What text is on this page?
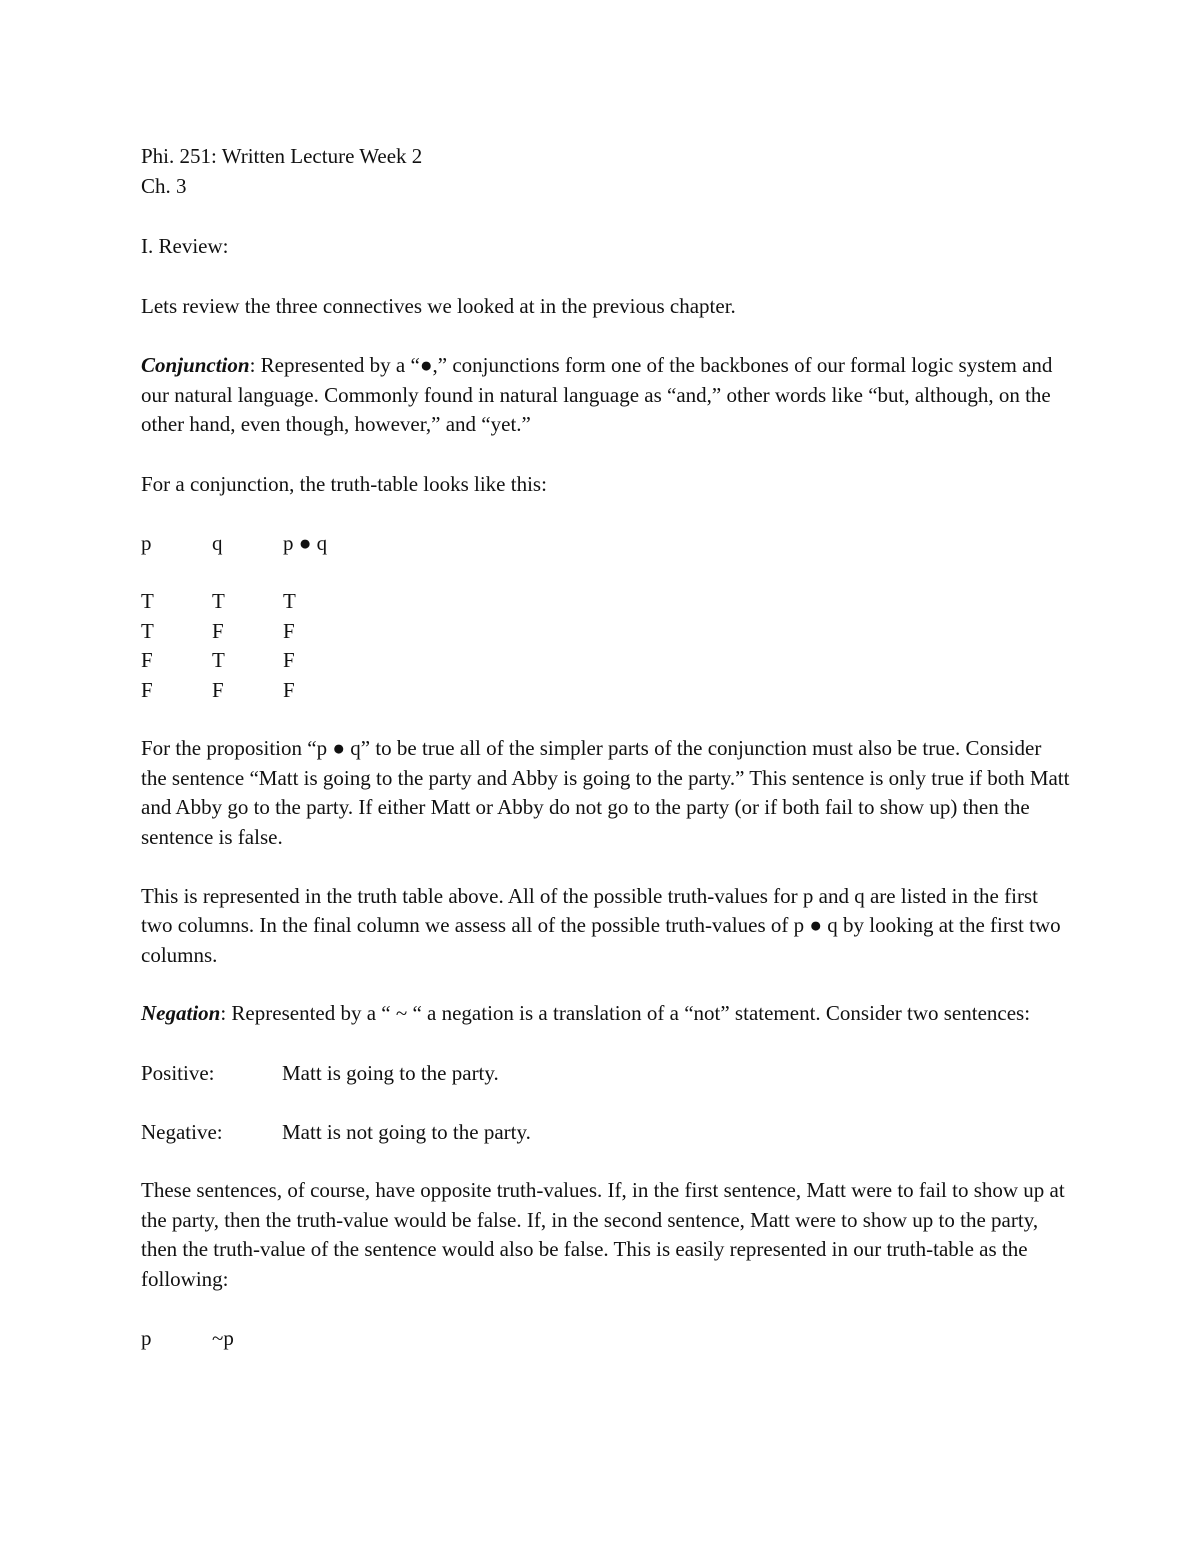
Phi. 251: Written Lecture Week 2
Ch. 3
I. Review:
Lets review the three connectives we looked at in the previous chapter.

Conjunction: Represented by a “●,” conjunctions form one of the backbones of our formal logic system and our natural language. Commonly found in natural language as “and,” other words like “but, although, on the other hand, even though, however,” and “yet.”

For a conjunction, the truth-table looks like this:
p	q	p ● q
T	T	T
T	F	F
F	T	F
F	F	F

For the proposition “p ● q” to be true all of the simpler parts of the conjunction must also be true. Consider the sentence “Matt is going to the party and Abby is going to the party.” This sentence is only true if both Matt and Abby go to the party. If either Matt or Abby do not go to the party (or if both fail to show up) then the sentence is false.

This is represented in the truth table above. All of the possible truth-values for p and q are listed in the first two columns. In the final column we assess all of the possible truth-values of p ● q by looking at the first two columns.

Negation: Represented by a “ ~ “ a negation is a translation of a “not” statement. Consider two sentences:

Positive:	Matt is going to the party.
Negative:	Matt is not going to the party.

These sentences, of course, have opposite truth-values. If, in the first sentence, Matt were to fail to show up at the party, then the truth-value would be false. If, in the second sentence, Matt were to show up to the party, then the truth-value of the sentence would also be false. This is easily represented in our truth-table as the following:

p	~p
